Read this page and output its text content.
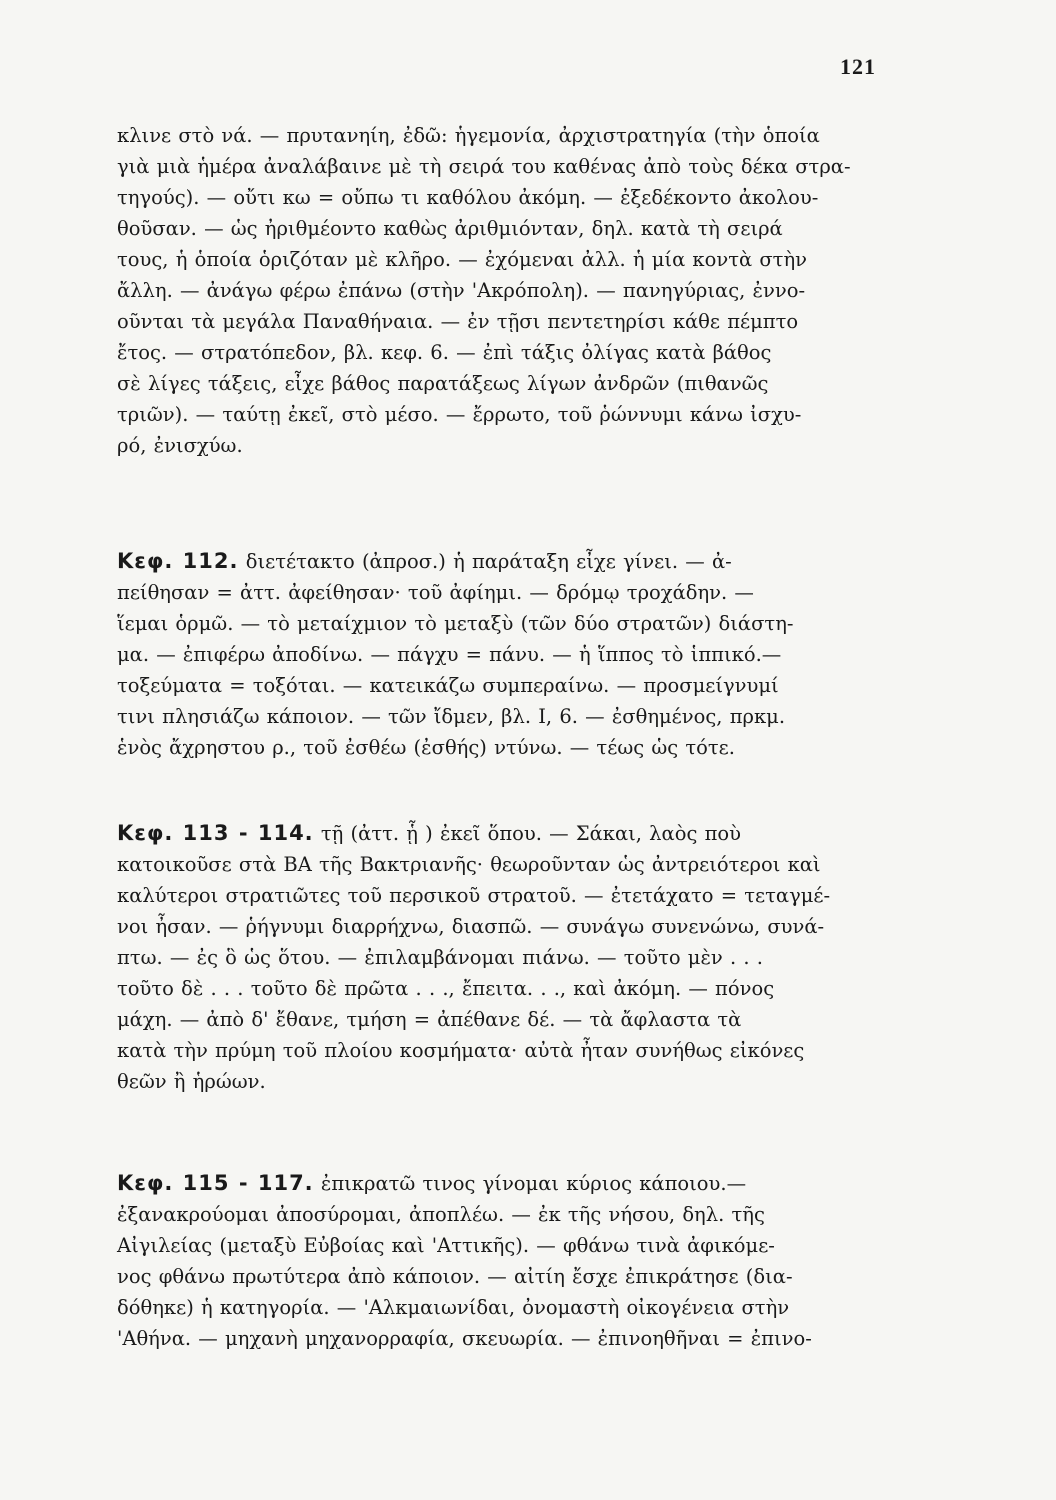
121
κλινε στὸ νά. — πρυτανηίη, ἐδῶ: ἡγεμονία, ἀρχιστρατηγία (τὴν ὁποία
γιὰ μιὰ ἡμέρα ἀναλάβαινε μὲ τὴ σειρά του καθένας ἀπὸ τοὺς δέκα στρα-
τηγούς). — οὔτι κω = οὔπω τι καθόλου ἀκόμη. — ἐξεδέκοντο ἀκολου-
θοῦσαν. — ὡς ἠριθμέοντο καθὼς ἀριθμιόνταν, δηλ. κατὰ τὴ σειρά
τους, ἡ ὁποία ὁριζόταν μὲ κλῆρο. — ἐχόμεναι ἀλλ. ἡ μία κοντὰ στὴν
ἄλλη. — ἀνάγω φέρω ἐπάνω (στὴν 'Ακρόπολη). — πανηγύριας, ἐννο-
οῦνται τὰ μεγάλα Παναθήναια. — ἐν τῇσι πεντετηρίσι κάθε πέμπτο
ἔτος. — στρατόπεδον, βλ. κεφ. 6. — ἐπὶ τάξις ὀλίγας κατὰ βάθος
σὲ λίγες τάξεις, εἶχε βάθος παρατάξεως λίγων ἀνδρῶν (πιθανῶς
τριῶν). — ταύτῃ ἐκεῖ, στὸ μέσο. — ἔρρωτο, τοῦ ῥώννυμι κάνω ἰσχυ-
ρό, ἐνισχύω.
Κεφ. 112. διετέτακτο (ἀπροσ.) ἡ παράταξη εἶχε γίνει. — ἀ-
πείθησαν = ἀττ. ἀφείθησαν· τοῦ ἀφίημι. — δρόμῳ τροχάδην. —
ἵεμαι ὁρμῶ. — τὸ μεταίχμιον τὸ μεταξὺ (τῶν δύο στρατῶν) διάστη-
μα. — ἐπιφέρω ἀποδίνω. — πάγχυ = πάνυ. — ἡ ἵππος τὸ ἱππικό.—
τοξεύματα = τοξόται. — κατεικάζω συμπεραίνω. — προσμείγνυμί
τινι πλησιάζω κάποιον. — τῶν ἴδμεν, βλ. Ι, 6. — ἐσθημένος, πρκμ.
ἑνὸς ἄχρηστου ρ., τοῦ ἐσθέω (ἐσθής) ντύνω. — τέως ὡς τότε.
Κεφ. 113 - 114. τῇ (ἀττ. ᾗ ) ἐκεῖ ὅπου. — Σάκαι, λαὸς ποὺ
κατοικοῦσε στὰ ΒΑ τῆς Βακτριανῆς· θεωροῦνταν ὡς ἀντρειότεροι καὶ
καλύτεροι στρατιῶτες τοῦ περσικοῦ στρατοῦ. — ἐτετάχατο = τεταγμέ-
νοι ἦσαν. — ῥήγνυμι διαρρήχνω, διασπῶ. — συνάγω συνενώνω, συνά-
πτω. — ἐς ὃ ὡς ὅτου. — ἐπιλαμβάνομαι πιάνω. — τοῦτο μὲν . . .
τοῦτο δὲ . . . τοῦτο δὲ πρῶτα . . ., ἔπειτα. . ., καὶ ἀκόμη. — πόνος
μάχη. — ἀπὸ δ' ἔθανε, τμήση = ἀπέθανε δέ. — τὰ ἄφλαστα τὰ
κατὰ τὴν πρύμη τοῦ πλοίου κοσμήματα· αὐτὰ ἦταν συνήθως εἰκόνες
θεῶν ἢ ἡρώων.
Κεφ. 115 - 117. ἐπικρατῶ τινος γίνομαι κύριος κάποιου.—
ἐξανακρούομαι ἀποσύρομαι, ἀποπλέω. — ἐκ τῆς νήσου, δηλ. τῆς
Αἰγιλείας (μεταξὺ Εὐβοίας καὶ 'Αττικῆς). — φθάνω τινὰ ἀφικόμε-
νος φθάνω πρωτύτερα ἀπὸ κάποιον. — αἰτίη ἔσχε ἐπικράτησε (δια-
δόθηκε) ἡ κατηγορία. — 'Αλκμαιωνίδαι, ὀνομαστὴ οἰκογένεια στὴν
'Αθήνα. — μηχανὴ μηχανορραφία, σκευωρία. — ἐπινοηθῆναι = ἐπινο-
